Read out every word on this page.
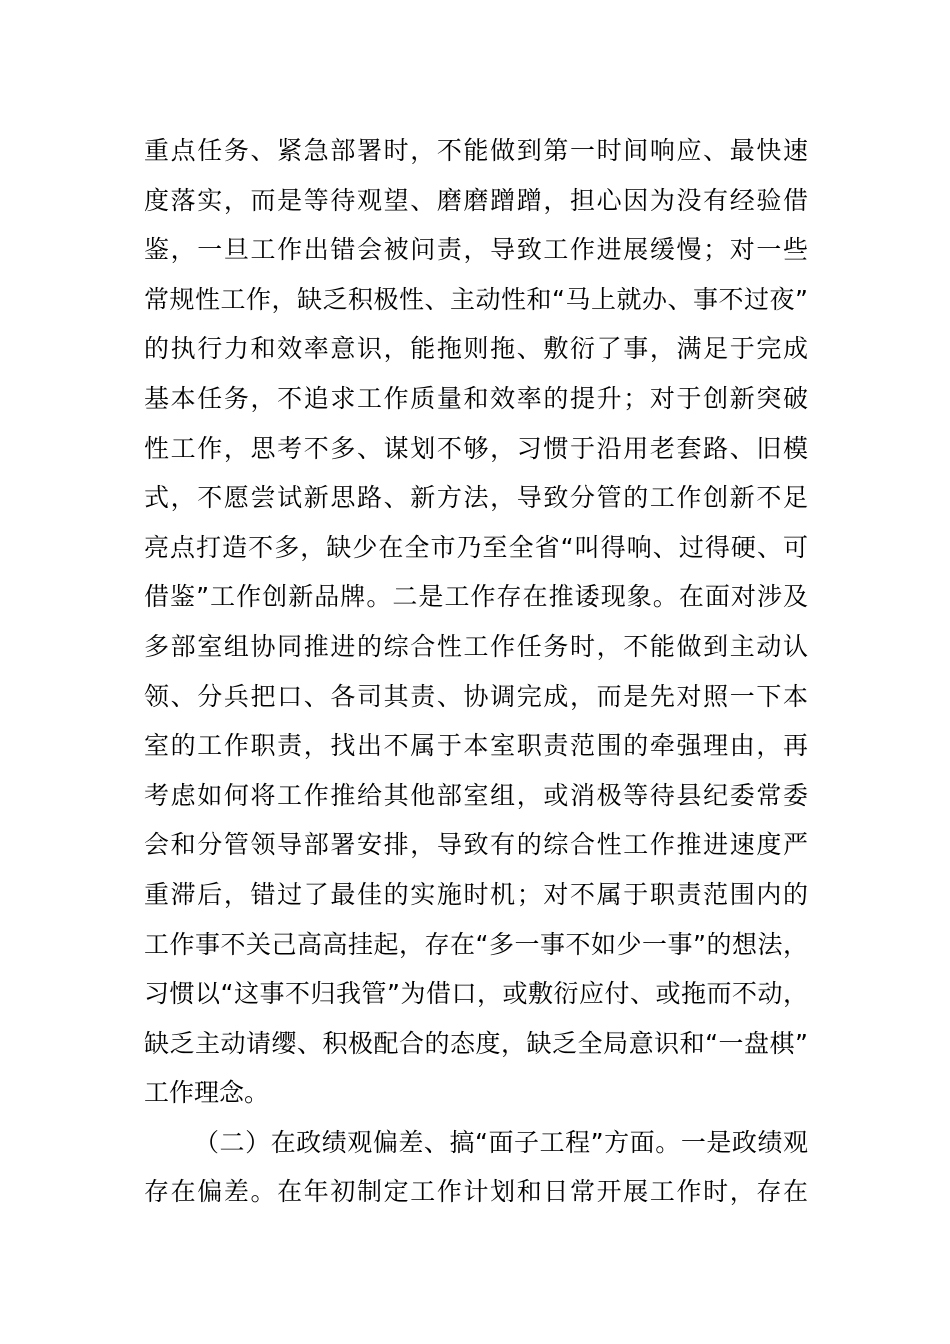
重点任务、紧急部署时，不能做到第一时间响应、最快速
度落实，而是等待观望、磨磨蹭蹭，担心因为没有经验借
鉴，一旦工作出错会被问责，导致工作进展缓慢；对一些
常规性工作，缺乏积极性、主动性和“马上就办、事不过夜”
的执行力和效率意识，能拖则拖、敷衍了事，满足于完成
基本任务，不追求工作质量和效率的提升；对于创新突破
性工作，思考不多、谋划不够，习惯于沿用老套路、旧模
式，不愿尝试新思路、新方法，导致分管的工作创新不足
亮点打造不多，缺少在全市乃至全省“叫得响、过得硬、可
借鉴”工作创新品牌。二是工作存在推诿现象。在面对涉及
多部室组协同推进的综合性工作任务时，不能做到主动认
领、分兵把口、各司其责、协调完成，而是先对照一下本
室的工作职责，找出不属于本室职责范围的牵强理由，再
考虑如何将工作推给其他部室组，或消极等待县纪委常委
会和分管领导部署安排，导致有的综合性工作推进速度严
重滞后，错过了最佳的实施时机；对不属于职责范围内的
工作事不关己高高挂起，存在“多一事不如少一事”的想法，
习惯以“这事不归我管”为借口，或敷衍应付、或拖而不动，
缺乏主动请缨、积极配合的态度，缺乏全局意识和“一盘棋”
工作理念。
（二）在政绩观偏差、搞“面子工程”方面。一是政绩观
存在偏差。在年初制定工作计划和日常开展工作时，存在
